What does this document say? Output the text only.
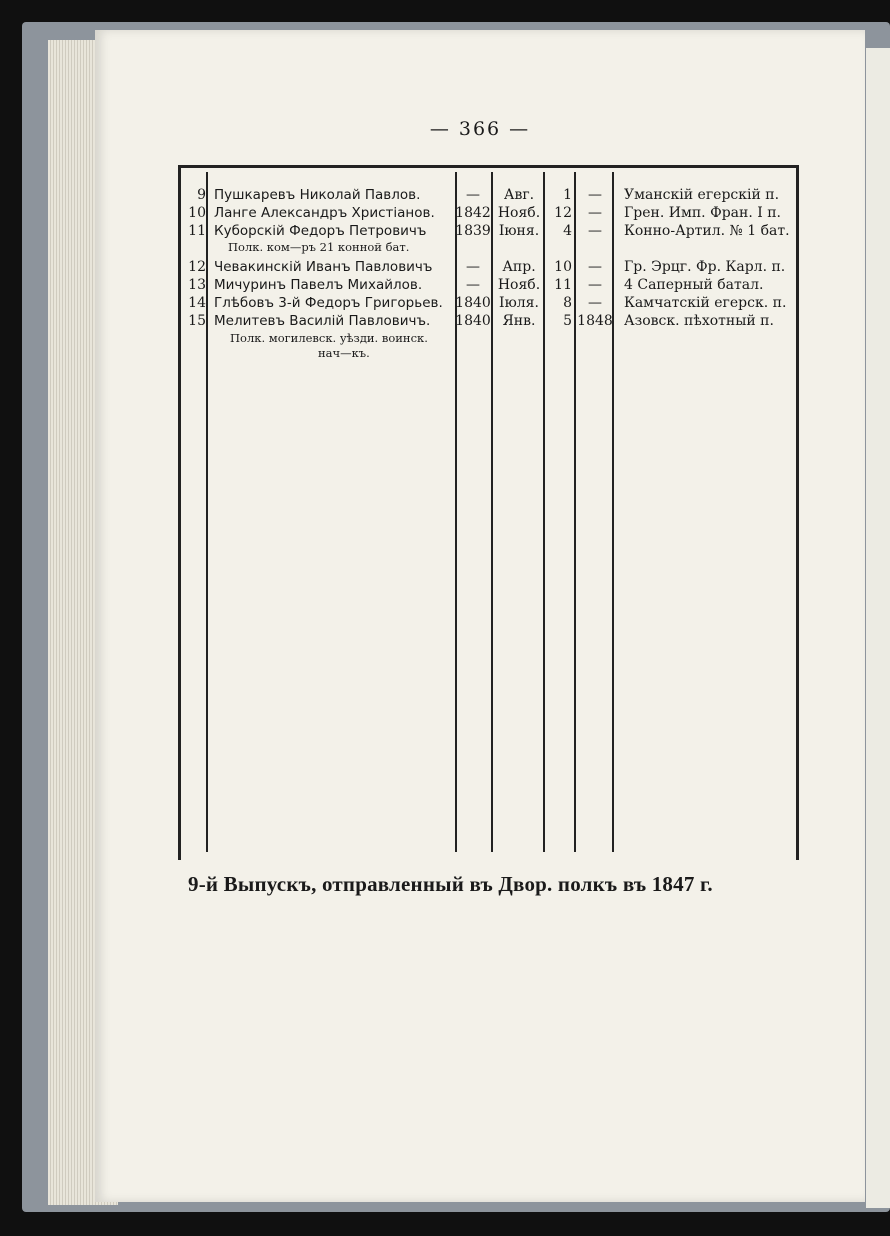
— 366 —
9 Пушкаревъ Николай Павлов.	—	Авг.	1	—	Уманскій егерскій п.
10 Ланге Александръ Христіанов. 1842 Нояб.	12	—	Грен. Имп. Фран. I п.
11 Куборскій Федоръ Петровичъ 1839 Іюня.	4	—	Конно-Артил. № 1 бат.
Полк. ком—ръ 21 конной бат.
12 Чевакинскій Иванъ Павловичъ	—	Апр.	10	—	Гр. Эрцг. Фр. Карл. п.
13 Мичуринъ Павелъ Михайлов.	—	Нояб.	11	—	4 Саперный батал.
14 Глѣбовъ 3-й Федоръ Григорьев. 1840 Іюля.	8	—	Камчатскій егерск. п.
15 Мелитевъ Василій Павловичъ. 1840 Янв.	5 1848 Азовск. пѣхотный п.
Полк. могилевск. уѣзди. воинск.
нач—къ.
9-й Выпускъ, отправленный въ Двор. полкъ въ 1847 г.
